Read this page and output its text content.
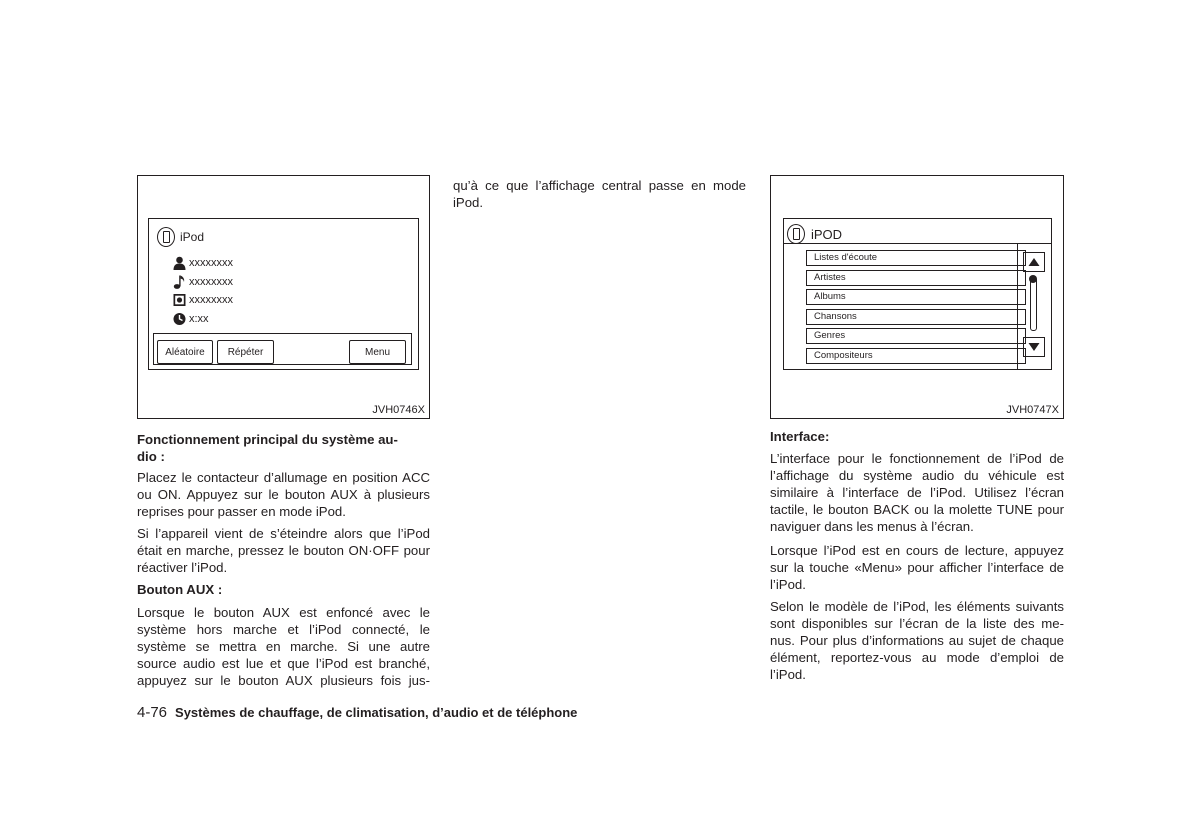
iPod
xxxxxxxx
xxxxxxxx
xxxxxxxx
x:xx
Aléatoire	Répéter	Menu
JVH0746X
iPOD
Listes d'écoute
Artistes
Albums
Chansons
Genres
Compositeurs
JVH0747X

Fonctionnement principal du système au-
dio :

Placez le contacteur d’allumage en position ACC ou ON. Appuyez sur le bouton AUX à plusieurs reprises pour passer en mode iPod.

Si l’appareil vient de s’éteindre alors que l’iPod était en marche, pressez le bouton ON·OFF pour réactiver l’iPod.

Bouton AUX :

Lorsque le bouton AUX est enfoncé avec le système hors marche et l’iPod connecté, le système se mettra en marche. Si une autre source audio est lue et que l’iPod est branché, appuyez sur le bouton AUX plusieurs fois jus-

qu’à ce que l’affichage central passe en mode iPod.

Interface:

L’interface pour le fonctionnement de l’iPod de l’affichage du système audio du véhicule est similaire à l’interface de l’iPod. Utilisez l’écran tactile, le bouton BACK ou la molette TUNE pour naviguer dans les menus à l’écran.

Lorsque l’iPod est en cours de lecture, appuyez sur la touche «Menu» pour afficher l’interface de l’iPod.

Selon le modèle de l’iPod, les éléments suivants sont disponibles sur l’écran de la liste des me-nus. Pour plus d’informations au sujet de chaque élément, reportez-vous au mode d’emploi de l’iPod.

4-76 Systèmes de chauffage, de climatisation, d’audio et de téléphone
